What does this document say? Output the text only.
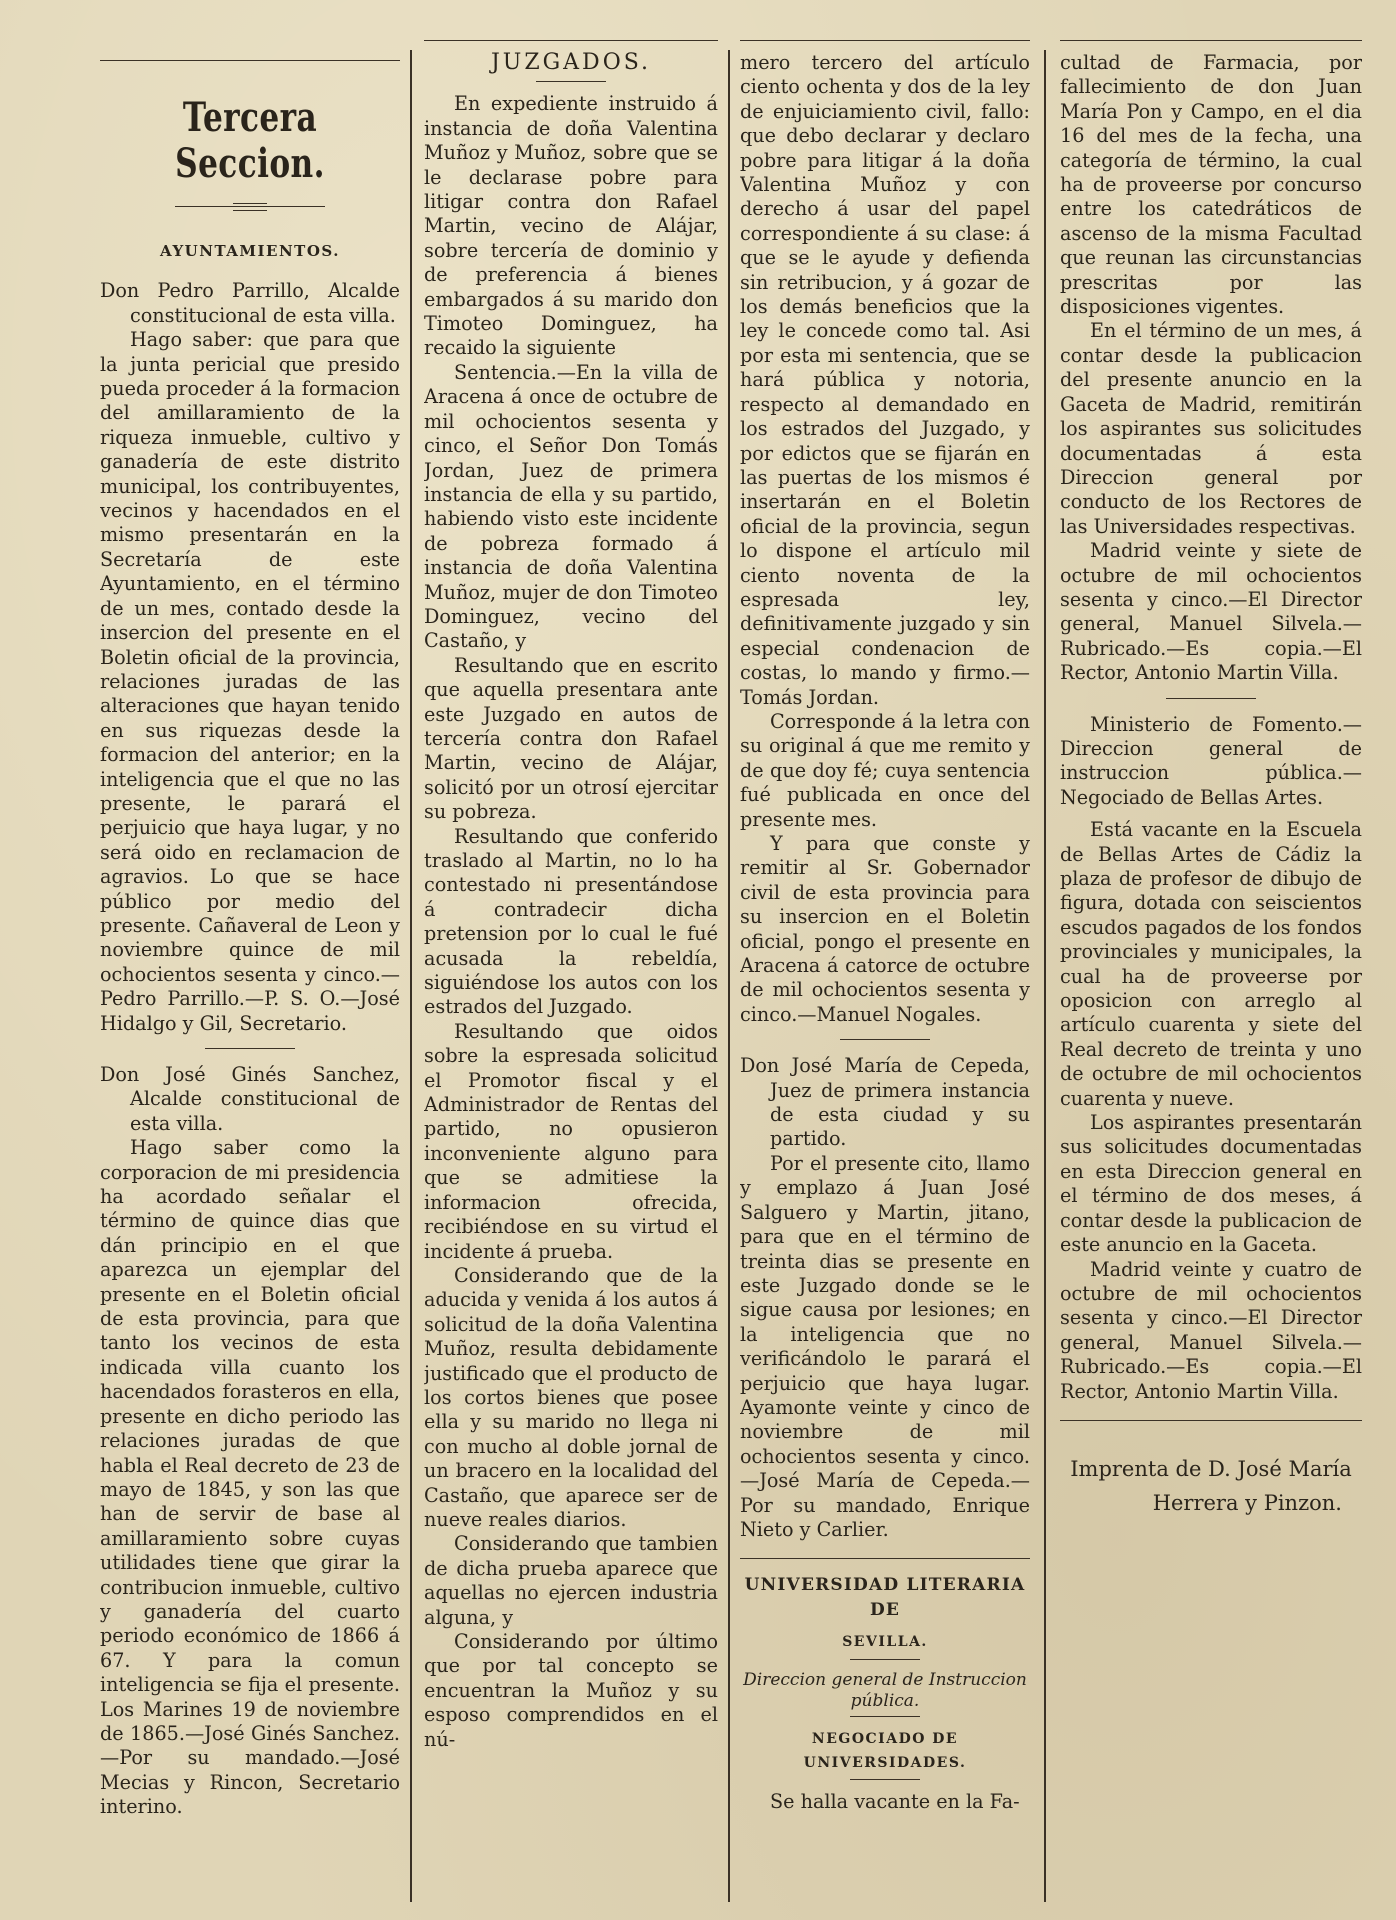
Tercera Seccion.
AYUNTAMIENTOS.

Don Pedro Parrillo, Alcalde constitucional de esta villa.

Hago saber: que para que la junta pericial que presido pueda proceder á la formacion del amillaramiento de la riqueza inmueble, cultivo y ganadería de este distrito municipal, los contribuyentes, vecinos y hacendados en el mismo presentarán en la Secretaría de este Ayuntamiento, en el término de un mes, contado desde la insercion del presente en el Boletin oficial de la provincia, relaciones juradas de las alteraciones que hayan tenido en sus riquezas desde la formacion del anterior; en la inteligencia que el que no las presente, le parará el perjuicio que haya lugar, y no será oido en reclamacion de agravios. Lo que se hace público por medio del presente. Cañaveral de Leon y noviembre quince de mil ochocientos sesenta y cinco.—Pedro Parrillo.—P. S. O.—José Hidalgo y Gil, Secretario.

Don José Ginés Sanchez, Alcalde constitucional de esta villa.

Hago saber como la corporacion de mi presidencia ha acordado señalar el término de quince dias que dán principio en el que aparezca un ejemplar del presente en el Boletin oficial de esta provincia, para que tanto los vecinos de esta indicada villa cuanto los hacendados forasteros en ella, presente en dicho periodo las relaciones juradas de que habla el Real decreto de 23 de mayo de 1845, y son las que han de servir de base al amillaramiento sobre cuyas utilidades tiene que girar la contribucion inmueble, cultivo y ganadería del cuarto periodo económico de 1866 á 67. Y para la comun inteligencia se fija el presente. Los Marines 19 de noviembre de 1865.—José Ginés Sanchez.—Por su mandado.—José Mecias y Rincon, Secretario interino.

JUZGADOS.

En expediente instruido á instancia de doña Valentina Muñoz y Muñoz, sobre que se le declarase pobre para litigar contra don Rafael Martin, vecino de Alájar, sobre tercería de dominio y de preferencia á bienes embargados á su marido don Timoteo Dominguez, ha recaido la siguiente

Sentencia.—En la villa de Aracena á once de octubre de mil ochocientos sesenta y cinco, el Señor Don Tomás Jordan, Juez de primera instancia de ella y su partido, habiendo visto este incidente de pobreza formado á instancia de doña Valentina Muñoz, mujer de don Timoteo Dominguez, vecino del Castaño, y

Resultando que en escrito que aquella presentara ante este Juzgado en autos de tercería contra don Rafael Martin, vecino de Alájar, solicitó por un otrosí ejercitar su pobreza.

Resultando que conferido traslado al Martin, no lo ha contestado ni presentándose á contradecir dicha pretension por lo cual le fué acusada la rebeldía, siguiéndose los autos con los estrados del Juzgado.

Resultando que oidos sobre la espresada solicitud el Promotor fiscal y el Administrador de Rentas del partido, no opusieron inconveniente alguno para que se admitiese la informacion ofrecida, recibiéndose en su virtud el incidente á prueba.

Considerando que de la aducida y venida á los autos á solicitud de la doña Valentina Muñoz, resulta debidamente justificado que el producto de los cortos bienes que posee ella y su marido no llega ni con mucho al doble jornal de un bracero en la localidad del Castaño, que aparece ser de nueve reales diarios.

Considerando que tambien de dicha prueba aparece que aquellas no ejercen industria alguna, y

Considerando por último que por tal concepto se encuentran la Muñoz y su esposo comprendidos en el nú-

mero tercero del artículo ciento ochenta y dos de la ley de enjuiciamiento civil, fallo: que debo declarar y declaro pobre para litigar á la doña Valentina Muñoz y con derecho á usar del papel correspondiente á su clase: á que se le ayude y defienda sin retribucion, y á gozar de los demás beneficios que la ley le concede como tal. Asi por esta mi sentencia, que se hará pública y notoria, respecto al demandado en los estrados del Juzgado, y por edictos que se fijarán en las puertas de los mismos é insertarán en el Boletin oficial de la provincia, segun lo dispone el artículo mil ciento noventa de la espresada ley, definitivamente juzgado y sin especial condenacion de costas, lo mando y firmo.—Tomás Jordan.

Corresponde á la letra con su original á que me remito y de que doy fé; cuya sentencia fué publicada en once del presente mes.

Y para que conste y remitir al Sr. Gobernador civil de esta provincia para su insercion en el Boletin oficial, pongo el presente en Aracena á catorce de octubre de mil ochocientos sesenta y cinco.—Manuel Nogales.

Don José María de Cepeda, Juez de primera instancia de esta ciudad y su partido.

Por el presente cito, llamo y emplazo á Juan José Salguero y Martin, jitano, para que en el término de treinta dias se presente en este Juzgado donde se le sigue causa por lesiones; en la inteligencia que no verificándolo le parará el perjuicio que haya lugar. Ayamonte veinte y cinco de noviembre de mil ochocientos sesenta y cinco.—José María de Cepeda.—Por su mandado, Enrique Nieto y Carlier.

UNIVERSIDAD LITERARIA DE

SEVILLA.

Direccion general de Instruccion pública.

NEGOCIADO DE UNIVERSIDADES.

Se halla vacante en la Fa-

cultad de Farmacia, por fallecimiento de don Juan María Pon y Campo, en el dia 16 del mes de la fecha, una categoría de término, la cual ha de proveerse por concurso entre los catedráticos de ascenso de la misma Facultad que reunan las circunstancias prescritas por las disposiciones vigentes.

En el término de un mes, á contar desde la publicacion del presente anuncio en la Gaceta de Madrid, remitirán los aspirantes sus solicitudes documentadas á esta Direccion general por conducto de los Rectores de las Universidades respectivas.

Madrid veinte y siete de octubre de mil ochocientos sesenta y cinco.—El Director general, Manuel Silvela.—Rubricado.—Es copia.—El Rector, Antonio Martin Villa.

Ministerio de Fomento.—Direccion general de instruccion pública.—Negociado de Bellas Artes.

Está vacante en la Escuela de Bellas Artes de Cádiz la plaza de profesor de dibujo de figura, dotada con seiscientos escudos pagados de los fondos provinciales y municipales, la cual ha de proveerse por oposicion con arreglo al artículo cuarenta y siete del Real decreto de treinta y uno de octubre de mil ochocientos cuarenta y nueve.

Los aspirantes presentarán sus solicitudes documentadas en esta Direccion general en el término de dos meses, á contar desde la publicacion de este anuncio en la Gaceta.

Madrid veinte y cuatro de octubre de mil ochocientos sesenta y cinco.—El Director general, Manuel Silvela.—Rubricado.—Es copia.—El Rector, Antonio Martin Villa.

Imprenta de D. José María

Herrera y Pinzon.
